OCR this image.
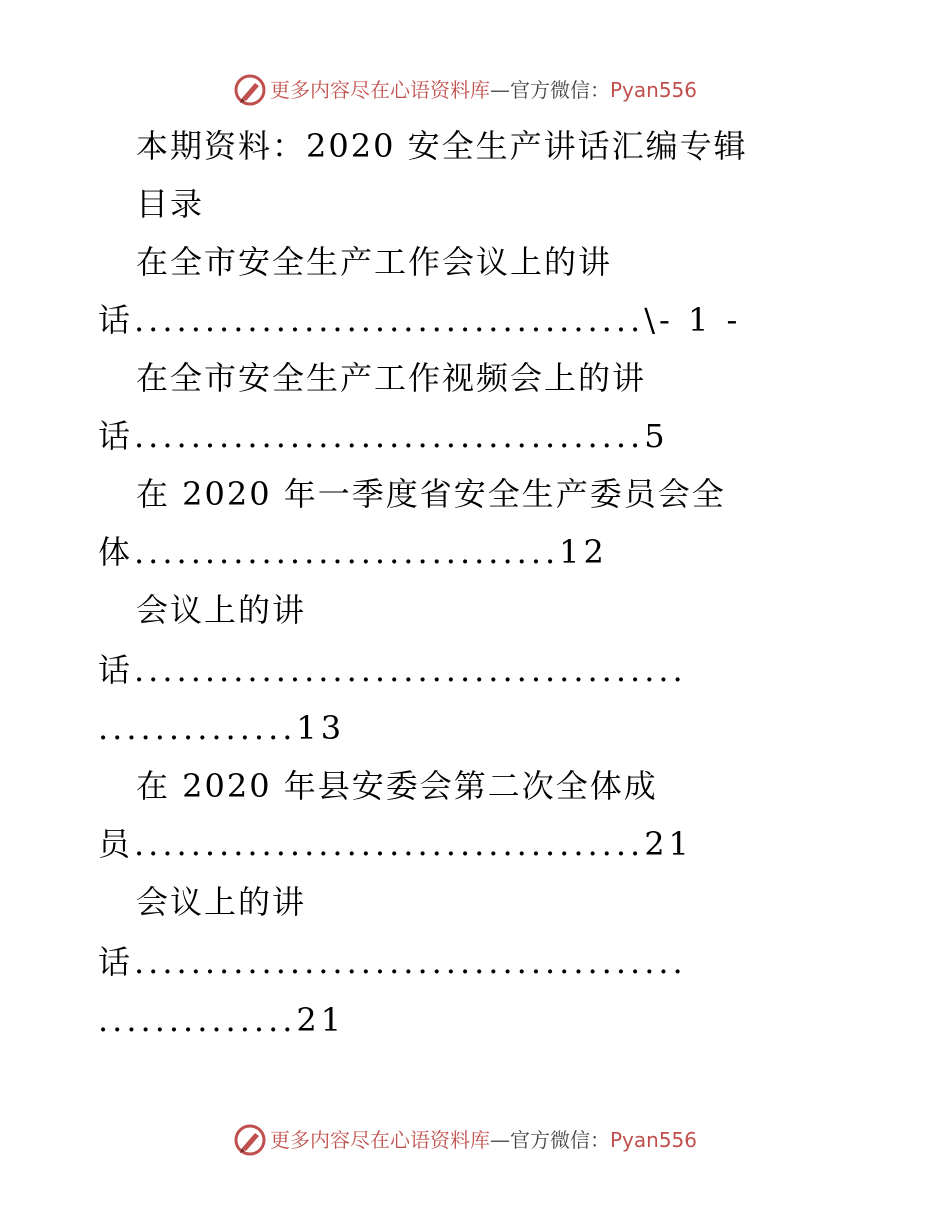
更多内容尽在心语资料库—官方微信：Pyan556
本期资料：2020 安全生产讲话汇编专辑
目录
在全市安全生产工作会议上的讲
话....................................\- 1 -
在全市安全生产工作视频会上的讲
话....................................5
在 2020 年一季度省安全生产委员会全
体..............................12
会议上的讲
话.......................................
..............13
在 2020 年县安委会第二次全体成
员....................................21
会议上的讲
话.......................................
..............21
更多内容尽在心语资料库—官方微信：Pyan556
